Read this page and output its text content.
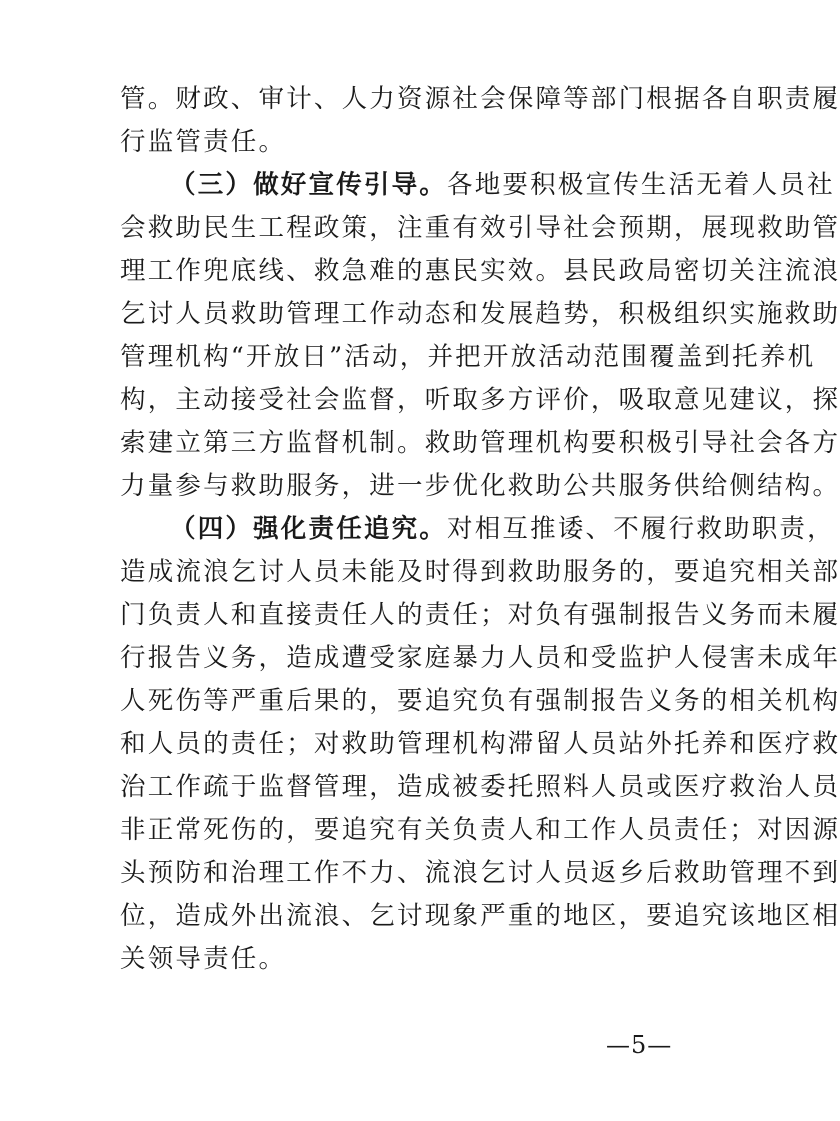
管。财政、审计、人力资源社会保障等部门根据各自职责履
行监管责任。
（三）做好宣传引导。各地要积极宣传生活无着人员社
会救助民生工程政策，注重有效引导社会预期，展现救助管
理工作兜底线、救急难的惠民实效。县民政局密切关注流浪
乞讨人员救助管理工作动态和发展趋势，积极组织实施救助
管理机构“开放日”活动，并把开放活动范围覆盖到托养机
构，主动接受社会监督，听取多方评价，吸取意见建议，探
索建立第三方监督机制。救助管理机构要积极引导社会各方
力量参与救助服务，进一步优化救助公共服务供给侧结构。
（四）强化责任追究。对相互推诿、不履行救助职责，
造成流浪乞讨人员未能及时得到救助服务的，要追究相关部
门负责人和直接责任人的责任；对负有强制报告义务而未履
行报告义务，造成遭受家庭暴力人员和受监护人侵害未成年
人死伤等严重后果的，要追究负有强制报告义务的相关机构
和人员的责任；对救助管理机构滞留人员站外托养和医疗救
治工作疏于监督管理，造成被委托照料人员或医疗救治人员
非正常死伤的，要追究有关负责人和工作人员责任；对因源
头预防和治理工作不力、流浪乞讨人员返乡后救助管理不到
位，造成外出流浪、乞讨现象严重的地区，要追究该地区相
关领导责任。
—5—
